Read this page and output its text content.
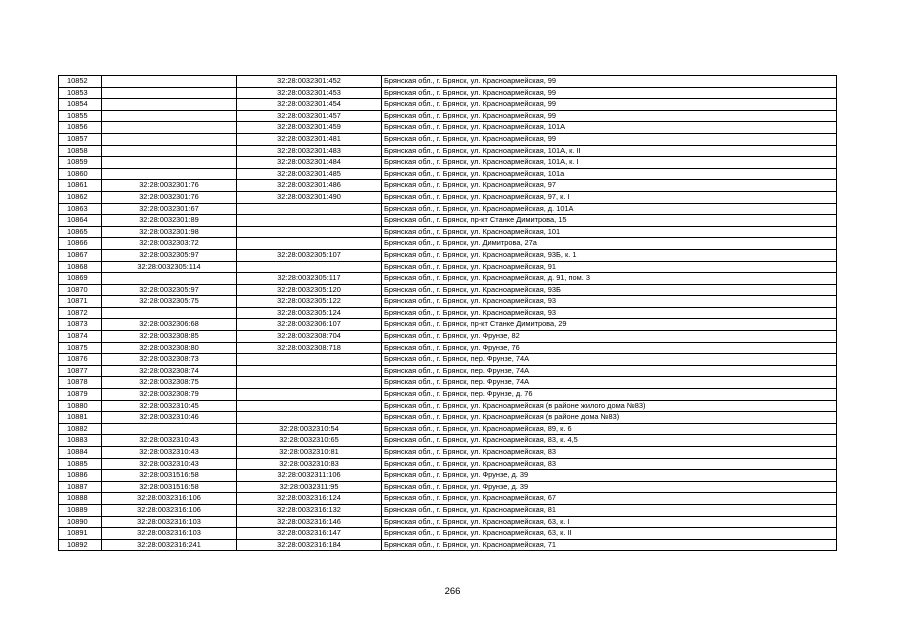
10852		32:28:0032301:452	Брянская обл., г. Брянск, ул. Красноармейская, 99
10853		32:28:0032301:453	Брянская обл., г. Брянск, ул. Красноармейская, 99
10854		32:28:0032301:454	Брянская обл., г. Брянск, ул. Красноармейская, 99
10855		32:28:0032301:457	Брянская обл., г. Брянск, ул. Красноармейская, 99
10856		32:28:0032301:459	Брянская обл., г. Брянск, ул. Красноармейская, 101А
10857		32:28:0032301:481	Брянская обл., г. Брянск, ул. Красноармейская, 99
10858		32:28:0032301:483	Брянская обл., г. Брянск, ул. Красноармейская, 101А, к. II
10859		32:28:0032301:484	Брянская обл., г. Брянск, ул. Красноармейская, 101А, к. I
10860		32:28:0032301:485	Брянская обл., г. Брянск, ул. Красноармейская, 101а
10861	32:28:0032301:76	32:28:0032301:486	Брянская обл., г. Брянск, ул. Красноармейская, 97
10862	32:28:0032301:76	32:28:0032301:490	Брянская обл., г. Брянск, ул. Красноармейская, 97, к. I
10863	32:28:0032301:67		Брянская обл., г. Брянск, ул. Красноармейская, д. 101А
10864	32:28:0032301:89		Брянская обл., г. Брянск, пр-кт Станке Димитрова, 15
10865	32:28:0032301:98		Брянская обл., г. Брянск, ул. Красноармейская, 101
10866	32:28:0032303:72		Брянская обл., г. Брянск, ул. Димитрова, 27а
10867	32:28:0032305:97	32:28:0032305:107	Брянская обл., г. Брянск, ул. Красноармейская, 93Б, к. 1
10868	32:28:0032305:114		Брянская обл., г. Брянск, ул. Красноармейская, 91
10869		32:28:0032305:117	Брянская обл., г. Брянск, ул. Красноармейская, д. 91, пом. 3
10870	32:28:0032305:97	32:28:0032305:120	Брянская обл., г. Брянск, ул. Красноармейская, 93Б
10871	32:28:0032305:75	32:28:0032305:122	Брянская обл., г. Брянск, ул. Красноармейская, 93
10872		32:28:0032305:124	Брянская обл., г. Брянск, ул. Красноармейская, 93
10873	32:28:0032306:68	32:28:0032306:107	Брянская обл., г. Брянск, пр-кт Станке Димитрова, 29
10874	32:28:0032308:85	32:28:0032308:704	Брянская обл., г. Брянск, ул. Фрунзе, 82
10875	32:28:0032308:80	32:28:0032308:718	Брянская обл., г. Брянск, ул. Фрунзе, 76
10876	32:28:0032308:73		Брянская обл., г. Брянск, пер. Фрунзе, 74А
10877	32:28:0032308:74		Брянская обл., г. Брянск, пер. Фрунзе, 74А
10878	32:28:0032308:75		Брянская обл., г. Брянск, пер. Фрунзе, 74А
10879	32:28:0032308:79		Брянская обл., г. Брянск, пер. Фрунзе, д. 76
10880	32:28:0032310:45		Брянская обл., г. Брянск, ул. Красноармейская (в районе жилого дома №83)
10881	32:28:0032310:46		Брянская обл., г. Брянск, ул. Красноармейская (в районе дома №83)
10882		32:28:0032310:54	Брянская обл., г. Брянск, ул. Красноармейская, 89, к. 6
10883	32:28:0032310:43	32:28:0032310:65	Брянская обл., г. Брянск, ул. Красноармейская, 83, к. 4,5
10884	32:28:0032310:43	32:28:0032310:81	Брянская обл., г. Брянск, ул. Красноармейская, 83
10885	32:28:0032310:43	32:28:0032310:83	Брянская обл., г. Брянск, ул. Красноармейская, 83
10886	32:28:0031516:58	32:28:0032311:106	Брянская обл., г. Брянск, ул. Фрунзе, д. 39
10887	32:28:0031516:58	32:28:0032311:95	Брянская обл., г. Брянск, ул. Фрунзе, д. 39
10888	32:28:0032316:106	32:28:0032316:124	Брянская обл., г. Брянск, ул. Красноармейская, 67
10889	32:28:0032316:106	32:28:0032316:132	Брянская обл., г. Брянск, ул. Красноармейская, 81
10890	32:28:0032316:103	32:28:0032316:146	Брянская обл., г. Брянск, ул. Красноармейская, 63, к. I
10891	32:28:0032316:103	32:28:0032316:147	Брянская обл., г. Брянск, ул. Красноармейская, 63, к. II
10892	32:28:0032316:241	32:28:0032316:184	Брянская обл., г. Брянск, ул. Красноармейская, 71
266
